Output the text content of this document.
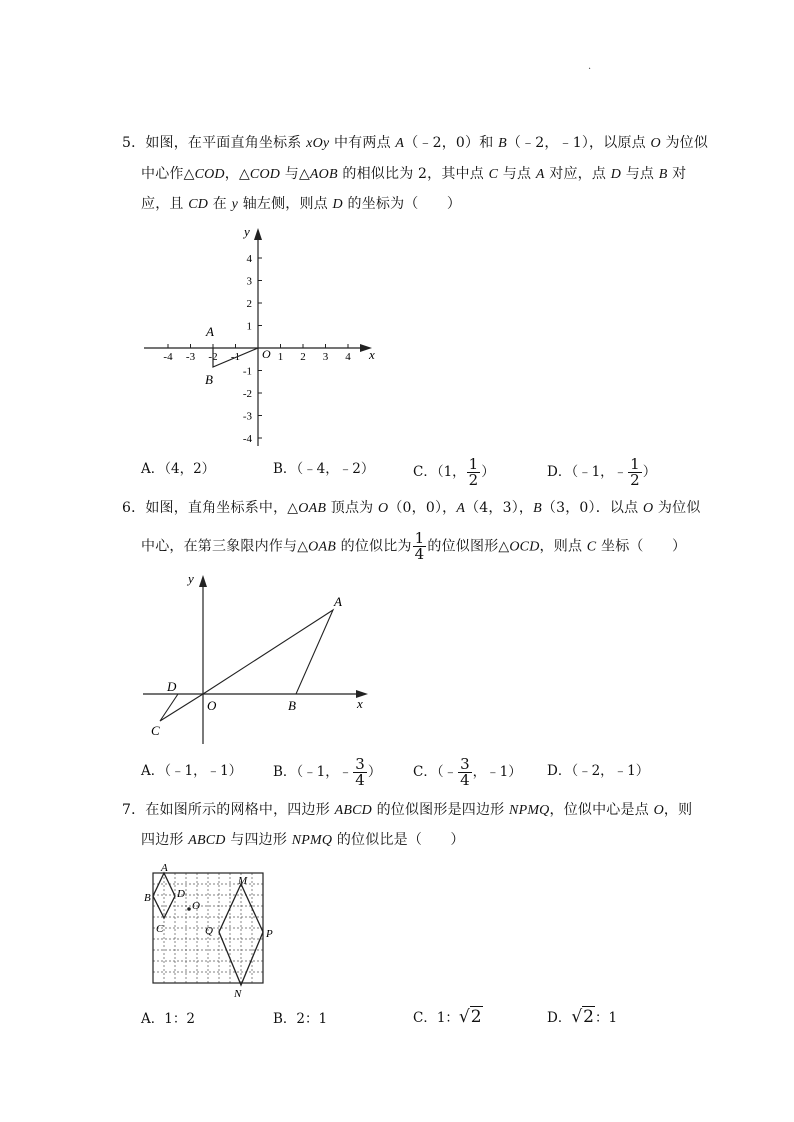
·
5．如图，在平面直角坐标系 xOy 中有两点 A（﹣2，0）和 B（﹣2，﹣1），以原点 O 为位似
中心作△COD，△COD 与△AOB 的相似比为 2，其中点 C 与点 A 对应，点 D 与点 B 对
应，且 CD 在 y 轴左侧，则点 D 的坐标为（　　）
x
y
O
-4 -3 -2 -1	1 2 3 4
4
3
2
1
-1
-2
-3
-4
A
B
A．（4，2）	B．（﹣4，﹣2）	C．（1， $\frac{1}{2}$ ）	D．（﹣1，﹣ $\frac{1}{2}$ ）
6．如图，直角坐标系中，△OAB 顶点为 O（0，0），A（4，3），B（3，0）．以点 O 为位似
中心，在第三象限内作与△OAB 的位似比为 $\frac{1}{4}$ 的位似图形△OCD，则点 C 坐标（　　）
x
y
O
A
B
C
D
A．（﹣1，﹣1） B．（﹣1，﹣ $\frac{3}{4}$ ） C．（﹣ $\frac{3}{4}$ ，﹣1） D．（﹣2，﹣1）
7．在如图所示的网格中，四边形 ABCD 的位似图形是四边形 NPMQ，位似中心是点 O，则
四边形 ABCD 与四边形 NPMQ 的位似比是（　　）
A
B
C
D
O
M
N
P
Q
A．1：2	B．2：1	C．1：√2	D．√2：1
